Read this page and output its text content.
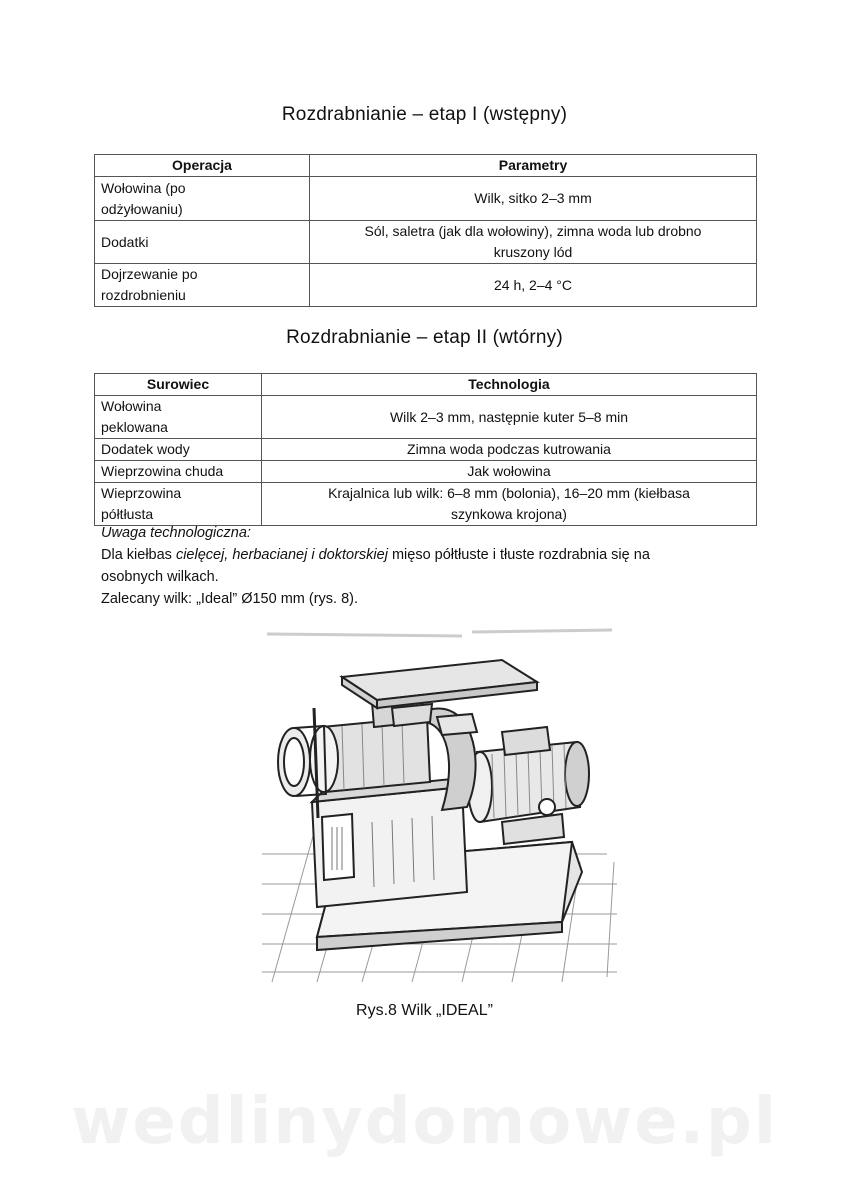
Rozdrabnianie – etap I (wstępny)
Operacja	Parametry
Wołowina (po
odżyłowaniu)	Wilk, sitko 2–3 mm
Dodatki	Sól, saletra (jak dla wołowiny), zimna woda lub drobno
kruszony lód
Dojrzewanie po
rozdrobnieniu	24 h, 2–4 °C
Rozdrabnianie – etap II (wtórny)
Surowiec	Technologia
Wołowina
peklowana	Wilk 2–3 mm, następnie kuter 5–8 min
Dodatek wody	Zimna woda podczas kutrowania
Wieprzowina chuda	Jak wołowina
Wieprzowina
półtłusta	Krajalnica lub wilk: 6–8 mm (bolonia), 16–20 mm (kiełbasa
szynkowa krojona)
Uwaga technologiczna:
Dla kiełbas cielęcej, herbacianej i doktorskiej mięso półtłuste i tłuste rozdrabnia się na
osobnych wilkach.
Zalecany wilk: „Ideal” Ø150 mm (rys. 8).
Rys.8 Wilk „IDEAL”
wedlinydomowe.pl
